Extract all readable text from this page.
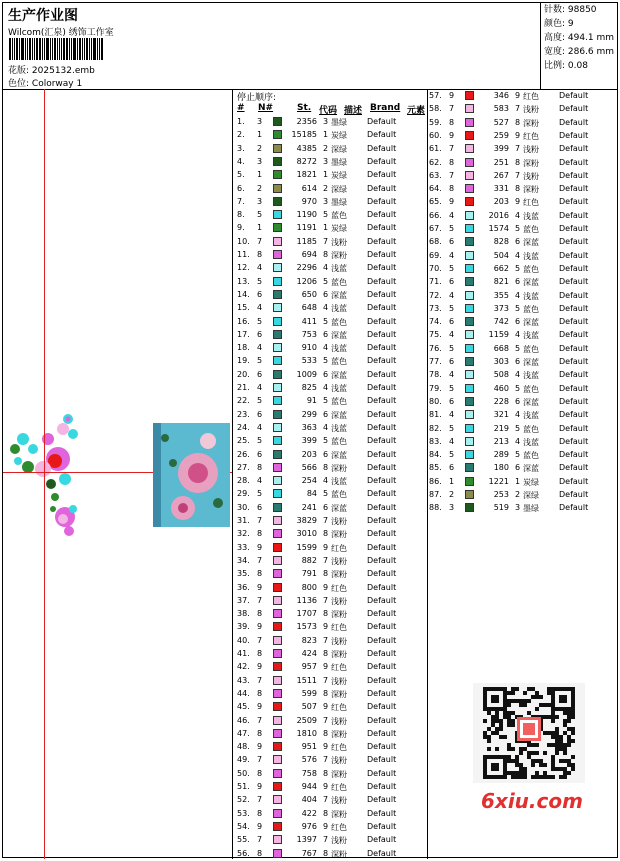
生产作业图
Wilcom(汇泉) 绣饰工作室
花版: 2025132.emb
色位: Colorway 1
针数: 98850
颜色: 9
高度: 494.1 mm
宽度: 286.6 mm
比例: 0.08
停止顺序:
# N#	St. 代码 描述 Brand 元素
1. 3	2356 3 墨绿	Default
2. 1	15185 1 炭绿	Default
3. 2	4385 2 深绿	Default
4. 3	8272 3 墨绿	Default
5. 1	1821 1 炭绿	Default
6. 2	614 2 深绿	Default
7. 3	970 3 墨绿	Default
8. 5	1190 5 蓝色	Default
9. 1	1191 1 炭绿	Default
10. 7	1185 7 浅粉	Default
11. 8	694 8 深粉	Default
12. 4	2296 4 浅蓝	Default
13. 5	1206 5 蓝色	Default
14. 6	650 6 深蓝	Default
15. 4	648 4 浅蓝	Default
16. 5	411 5 蓝色	Default
17. 6	753 6 深蓝	Default
18. 4	910 4 浅蓝	Default
19. 5	533 5 蓝色	Default
20. 6	1009 6 深蓝	Default
21. 4	825 4 浅蓝	Default
22. 5	91 5 蓝色	Default
23. 6	299 6 深蓝	Default
24. 4	363 4 浅蓝	Default
25. 5	399 5 蓝色	Default
26. 6	203 6 深蓝	Default
27. 8	566 8 深粉	Default
28. 4	254 4 浅蓝	Default
29. 5	84 5 蓝色	Default
30. 6	241 6 深蓝	Default
31. 7	3829 7 浅粉	Default
32. 8	3010 8 深粉	Default
33. 9	1599 9 红色	Default
34. 7	882 7 浅粉	Default
35. 8	791 8 深粉	Default
36. 9	800 9 红色	Default
37. 7	1136 7 浅粉	Default
38. 8	1707 8 深粉	Default
39. 9	1573 9 红色	Default
40. 7	823 7 浅粉	Default
41. 8	424 8 深粉	Default
42. 9	957 9 红色	Default
43. 7	1511 7 浅粉	Default
44. 8	599 8 深粉	Default
45. 9	507 9 红色	Default
46. 7	2509 7 浅粉	Default
47. 8	1810 8 深粉	Default
48. 9	951 9 红色	Default
49. 7	576 7 浅粉	Default
50. 8	758 8 深粉	Default
51. 9	944 9 红色	Default
52. 7	404 7 浅粉	Default
53. 8	422 8 深粉	Default
54. 9	976 9 红色	Default
55. 7	1397 7 浅粉	Default
56. 8	767 8 深粉	Default
57. 9	346 9 红色	Default
58. 7	583 7 浅粉	Default
59. 8	527 8 深粉	Default
60. 9	259 9 红色	Default
61. 7	399 7 浅粉	Default
62. 8	251 8 深粉	Default
63. 7	267 7 浅粉	Default
64. 8	331 8 深粉	Default
65. 9	203 9 红色	Default
66. 4	2016 4 浅蓝	Default
67. 5	1574 5 蓝色	Default
68. 6	828 6 深蓝	Default
69. 4	504 4 浅蓝	Default
70. 5	662 5 蓝色	Default
71. 6	821 6 深蓝	Default
72. 4	355 4 浅蓝	Default
73. 5	373 5 蓝色	Default
74. 6	742 6 深蓝	Default
75. 4	1159 4 浅蓝	Default
76. 5	668 5 蓝色	Default
77. 6	303 6 深蓝	Default
78. 4	508 4 浅蓝	Default
79. 5	460 5 蓝色	Default
80. 6	228 6 深蓝	Default
81. 4	321 4 浅蓝	Default
82. 5	219 5 蓝色	Default
83. 4	213 4 浅蓝	Default
84. 5	289 5 蓝色	Default
85. 6	180 6 深蓝	Default
86. 1	1221 1 炭绿	Default
87. 2	253 2 深绿	Default
88. 3	519 3 墨绿	Default
6xiu.com
